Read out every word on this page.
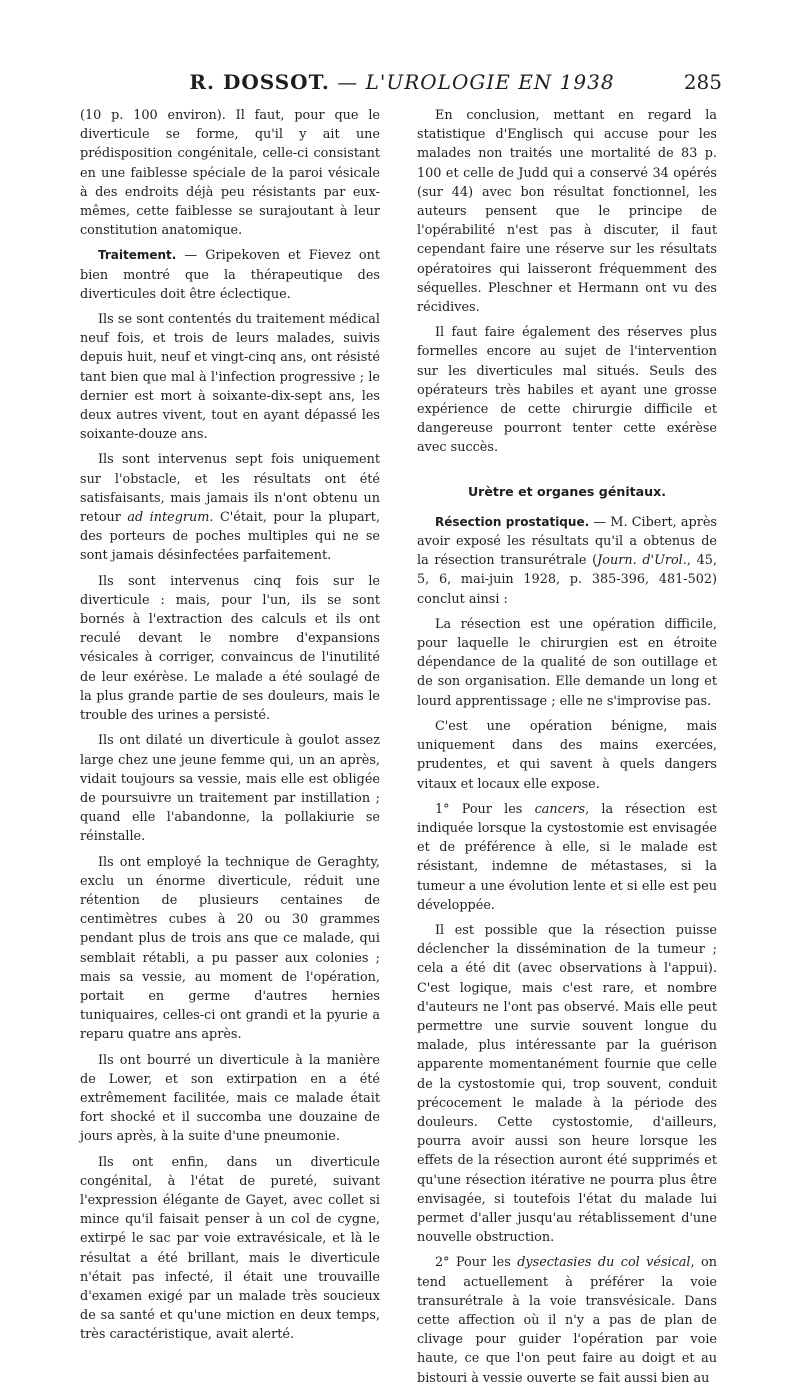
R. DOSSOT. — L'UROLOGIE EN 1938	285

(10 p. 100 environ). Il faut, pour que le diverticule se forme, qu'il y ait une prédisposition congénitale, celle-ci consistant en une faiblesse spéciale de la paroi vésicale à des endroits déjà peu résistants par eux-mêmes, cette faiblesse se surajoutant à leur constitution anatomique.

Traitement. — Gripekoven et Fievez ont bien montré que la thérapeutique des diverticules doit être éclectique.

Ils se sont contentés du traitement médical neuf fois, et trois de leurs malades, suivis depuis huit, neuf et vingt-cinq ans, ont résisté tant bien que mal à l'infection progressive ; le dernier est mort à soixante-dix-sept ans, les deux autres vivent, tout en ayant dépassé les soixante-douze ans.

Ils sont intervenus sept fois uniquement sur l'obstacle, et les résultats ont été satisfaisants, mais jamais ils n'ont obtenu un retour ad integrum. C'était, pour la plupart, des porteurs de poches multiples qui ne se sont jamais désinfectées parfaitement.

Ils sont intervenus cinq fois sur le diverticule : mais, pour l'un, ils se sont bornés à l'extraction des calculs et ils ont reculé devant le nombre d'expansions vésicales à corriger, convaincus de l'inutilité de leur exérèse. Le malade a été soulagé de la plus grande partie de ses douleurs, mais le trouble des urines a persisté.

Ils ont dilaté un diverticule à goulot assez large chez une jeune femme qui, un an après, vidait toujours sa vessie, mais elle est obligée de poursuivre un traitement par instillation ; quand elle l'abandonne, la pollakiurie se réinstalle.

Ils ont employé la technique de Geraghty, exclu un énorme diverticule, réduit une rétention de plusieurs centaines de centimètres cubes à 20 ou 30 grammes pendant plus de trois ans que ce malade, qui semblait rétabli, a pu passer aux colonies ; mais sa vessie, au moment de l'opération, portait en germe d'autres hernies tuniquaires, celles-ci ont grandi et la pyurie a reparu quatre ans après.

Ils ont bourré un diverticule à la manière de Lower, et son extirpation en a été extrêmement facilitée, mais ce malade était fort shocké et il succomba une douzaine de jours après, à la suite d'une pneumonie.

Ils ont enfin, dans un diverticule congénital, à l'état de pureté, suivant l'expression élégante de Gayet, avec collet si mince qu'il faisait penser à un col de cygne, extirpé le sac par voie extravésicale, et là le résultat a été brillant, mais le diverticule n'était pas infecté, il était une trouvaille d'examen exigé par un malade très soucieux de sa santé et qu'une miction en deux temps, très caractéristique, avait alerté.

En conclusion, mettant en regard la statistique d'Englisch qui accuse pour les malades non traités une mortalité de 83 p. 100 et celle de Judd qui a conservé 34 opérés (sur 44) avec bon résultat fonctionnel, les auteurs pensent que le principe de l'opérabilité n'est pas à discuter, il faut cependant faire une réserve sur les résultats opératoires qui laisseront fréquemment des séquelles. Pleschner et Hermann ont vu des récidives.

Il faut faire également des réserves plus formelles encore au sujet de l'intervention sur les diverticules mal situés. Seuls des opérateurs très habiles et ayant une grosse expérience de cette chirurgie difficile et dangereuse pourront tenter cette exérèse avec succès.

Urètre et organes génitaux.

Résection prostatique. — M. Cibert, après avoir exposé les résultats qu'il a obtenus de la résection transurétrale (Journ. d'Urol., 45, 5, 6, mai-juin 1928, p. 385-396, 481-502) conclut ainsi :

La résection est une opération difficile, pour laquelle le chirurgien est en étroite dépendance de la qualité de son outillage et de son organisation. Elle demande un long et lourd apprentissage ; elle ne s'improvise pas.

C'est une opération bénigne, mais uniquement dans des mains exercées, prudentes, et qui savent à quels dangers vitaux et locaux elle expose.

1° Pour les cancers, la résection est indiquée lorsque la cystostomie est envisagée et de préférence à elle, si le malade est résistant, indemne de métastases, si la tumeur a une évolution lente et si elle est peu développée.

Il est possible que la résection puisse déclencher la dissémination de la tumeur ; cela a été dit (avec observations à l'appui). C'est logique, mais c'est rare, et nombre d'auteurs ne l'ont pas observé. Mais elle peut permettre une survie souvent longue du malade, plus intéressante par la guérison apparente momentanément fournie que celle de la cystostomie qui, trop souvent, conduit précocement le malade à la période des douleurs. Cette cystostomie, d'ailleurs, pourra avoir aussi son heure lorsque les effets de la résection auront été supprimés et qu'une résection itérative ne pourra plus être envisagée, si toutefois l'état du malade lui permet d'aller jusqu'au rétablissement d'une nouvelle obstruction.

2° Pour les dysectasies du col vésical, on tend actuellement à préférer la voie transurétrale à la voie transvésicale. Dans cette affection où il n'y a pas de plan de clivage pour guider l'opération par voie haute, ce que l'on peut faire au doigt et au bistouri à vessie ouverte se fait aussi bien au
